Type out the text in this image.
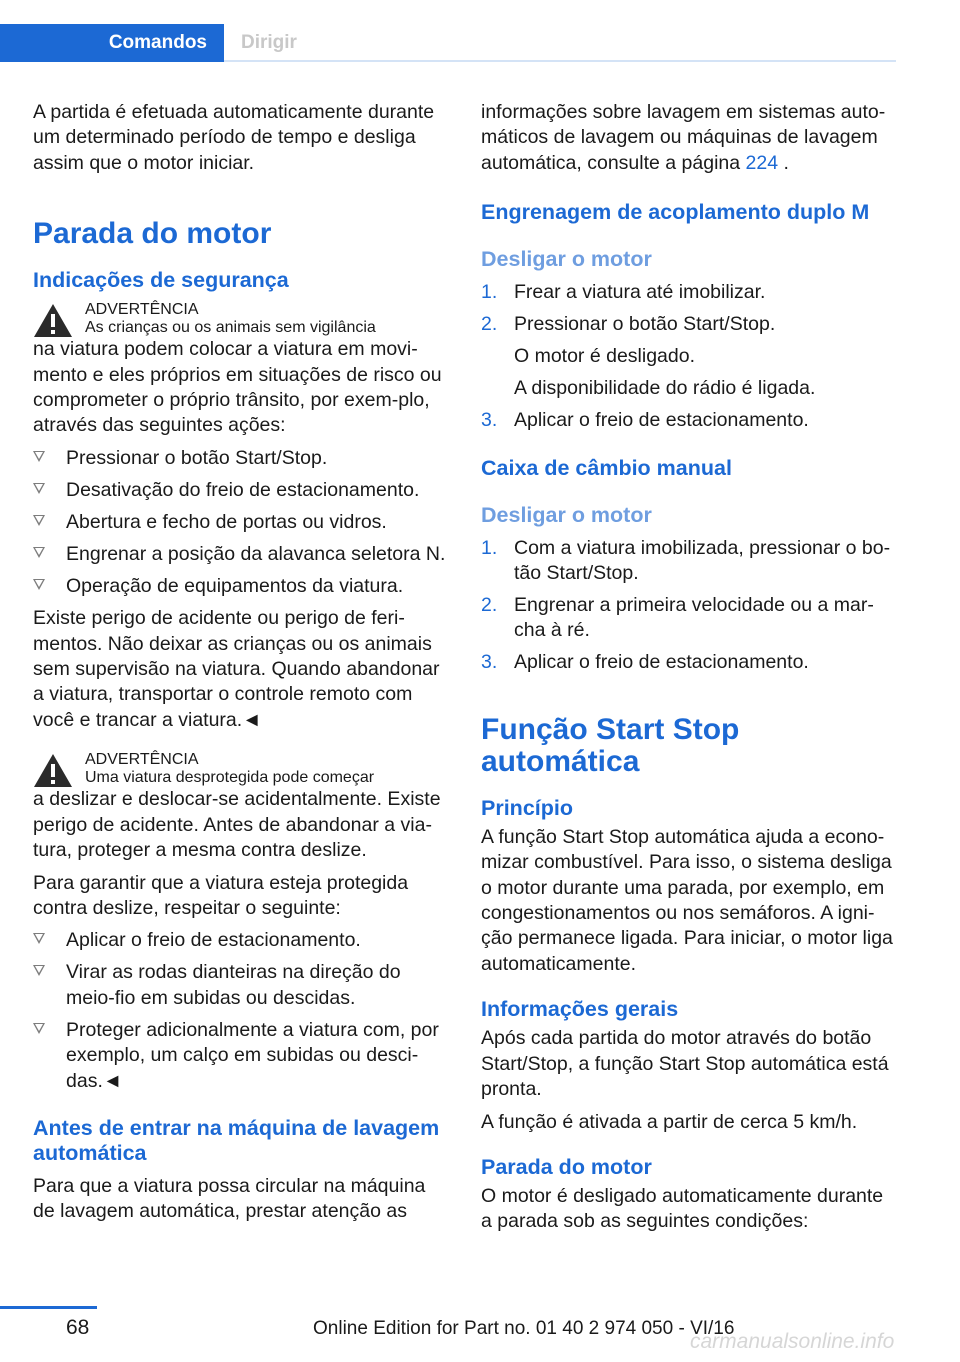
Comandos Dirigir

A partida é efetuada automaticamente durante um determinado período de tempo e desliga assim que o motor iniciar.

Parada do motor
Indicações de segurança
ADVERTÊNCIA
As crianças ou os animais sem vigilância

na viatura podem colocar a viatura em movi‐mento e eles próprios em situações de risco ou comprometer o próprio trânsito, por exem‐plo, através das seguintes ações:

Pressionar o botão Start/Stop.
Desativação do freio de estacionamento.
Abertura e fecho de portas ou vidros.
Engrenar a posição da alavanca seletora N.
Operação de equipamentos da viatura.

Existe perigo de acidente ou perigo de feri‐mentos. Não deixar as crianças ou os animais sem supervisão na viatura. Quando abandonar a viatura, transportar o controle remoto com você e trancar a viatura.◄

ADVERTÊNCIA
Uma viatura desprotegida pode começar

a deslizar e deslocar-se acidentalmente. Existe perigo de acidente. Antes de abandonar a via‐tura, proteger a mesma contra deslize.

Para garantir que a viatura esteja protegida contra deslize, respeitar o seguinte:

Aplicar o freio de estacionamento.
Virar as rodas dianteiras na direção do meio-fio em subidas ou descidas.
Proteger adicionalmente a viatura com, por exemplo, um calço em subidas ou desci‐das.◄
Antes de entrar na máquina de lavagem automática

Para que a viatura possa circular na máquina de lavagem automática, prestar atenção as

informações sobre lavagem em sistemas auto‐máticos de lavagem ou máquinas de lavagem automática, consulte a página 224 .

Engrenagem de acoplamento duplo M
Desligar o motor
1. Frear a viatura até imobilizar.
2. Pressionar o botão Start/Stop.
O motor é desligado.
A disponibilidade do rádio é ligada.
3. Aplicar o freio de estacionamento.
Caixa de câmbio manual
Desligar o motor
1. Com a viatura imobilizada, pressionar o bo‐tão Start/Stop.
2. Engrenar a primeira velocidade ou a mar‐cha à ré.
3. Aplicar o freio de estacionamento.
Função Start Stop automática
Princípio

A função Start Stop automática ajuda a econo‐mizar combustível. Para isso, o sistema desliga o motor durante uma parada, por exemplo, em congestionamentos ou nos semáforos. A igni‐ção permanece ligada. Para iniciar, o motor liga automaticamente.

Informações gerais

Após cada partida do motor através do botão Start/Stop, a função Start Stop automática está pronta.

A função é ativada a partir de cerca 5 km/h.

Parada do motor

O motor é desligado automaticamente durante a parada sob as seguintes condições:

68	Online Edition for Part no. 01 40 2 974 050 - VI/16
carmanualsonline.info
